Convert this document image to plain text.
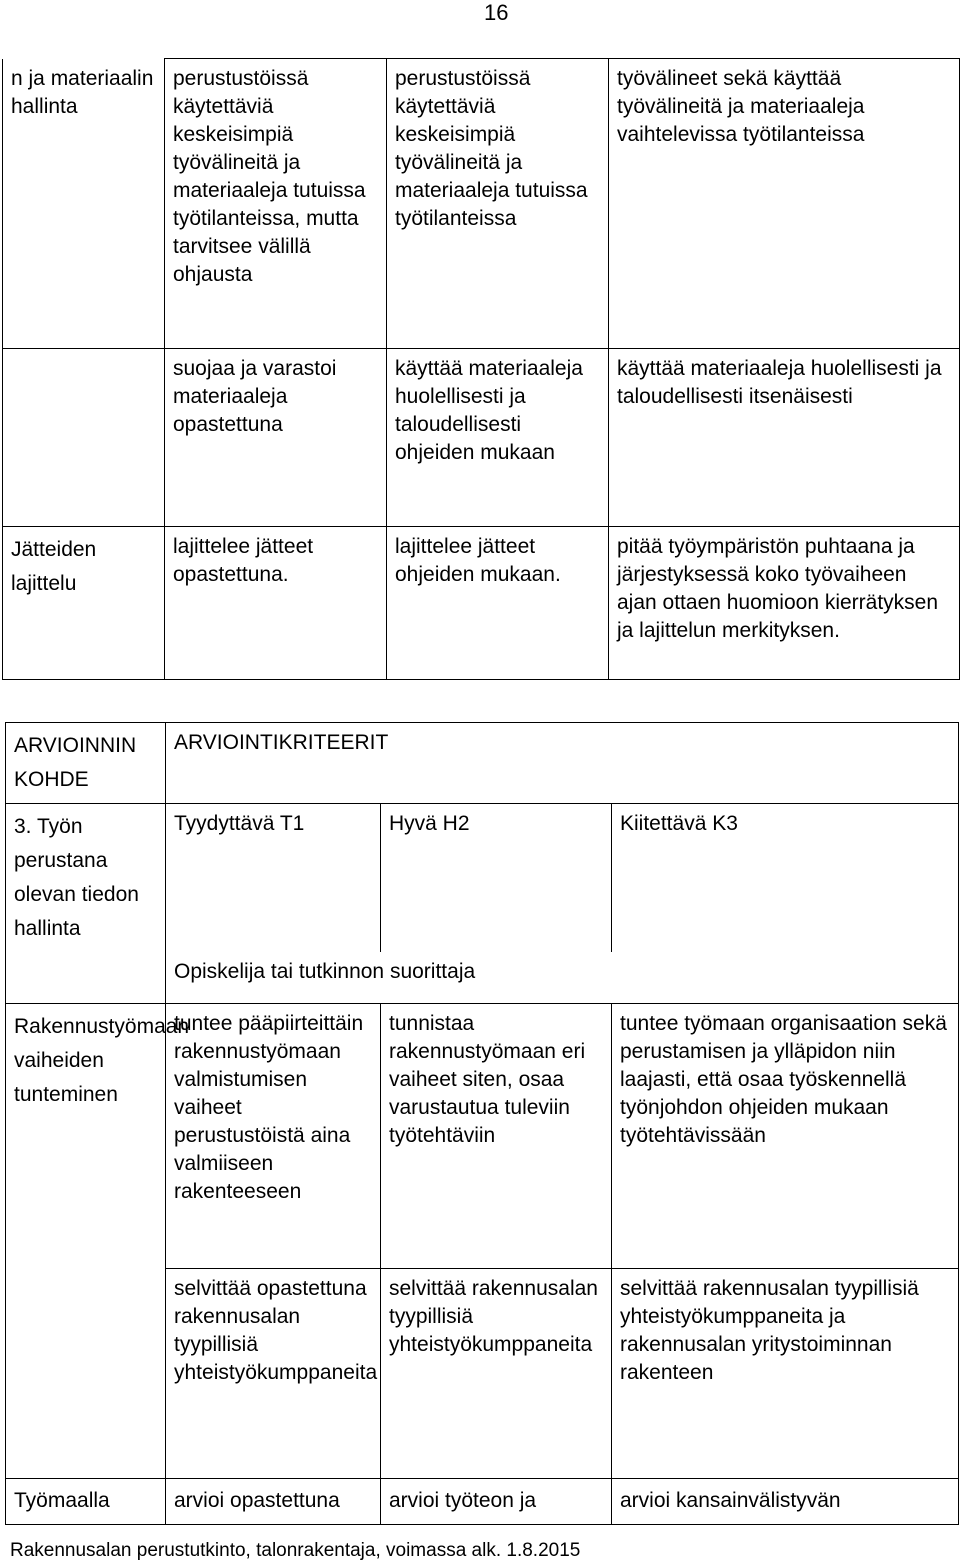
16
n ja materiaalin hallinta	perustustöissä käytettäviä keskeisimpiä työvälineitä ja materiaaleja tutuissa työtilanteissa, mutta tarvitsee välillä ohjausta	perustustöissä käytettäviä keskeisimpiä työvälineitä ja materiaaleja tutuissa työtilanteissa	työvälineet sekä käyttää työvälineitä ja materiaaleja vaihtelevissa työtilanteissa
	suojaa ja varastoi materiaaleja opastettuna	käyttää materiaaleja huolellisesti ja taloudellisesti ohjeiden mukaan	käyttää materiaaleja huolellisesti ja taloudellisesti itsenäisesti
Jätteiden lajittelu	lajittelee jätteet opastettuna.	lajittelee jätteet ohjeiden mukaan.	pitää työympäristön puhtaana ja järjestyksessä koko työvaiheen ajan ottaen huomioon kierrätyksen ja lajittelun merkityksen.
ARVIOINNIN KOHDE	ARVIOINTIKRITEERIT		
3. Työn perustana olevan tiedon hallinta	Tyydyttävä T1	Hyvä H2	Kiitettävä K3
	Opiskelija tai tutkinnon suorittaja		
Rakennustyömaan vaiheiden tunteminen	tuntee pääpiirteittäin rakennustyömaan valmistumisen vaiheet perustustöistä aina valmiiseen rakenteeseen	tunnistaa rakennustyömaan eri vaiheet siten, osaa varustautua tuleviin työtehtäviin	tuntee työmaan organisaation sekä perustamisen ja ylläpidon niin laajasti, että osaa työskennellä työnjohdon ohjeiden mukaan työtehtävissään
	selvittää opastettuna rakennusalan tyypillisiä yhteistyökumppaneita	selvittää rakennusalan tyypillisiä yhteistyökumppaneita	selvittää rakennusalan tyypillisiä yhteistyökumppaneita ja rakennusalan yritystoiminnan rakenteen
Työmaalla	arvioi opastettuna	arvioi työteon ja	arvioi kansainvälistyvän
Rakennusalan perustutkinto, talonrakentaja, voimassa alk. 1.8.2015
